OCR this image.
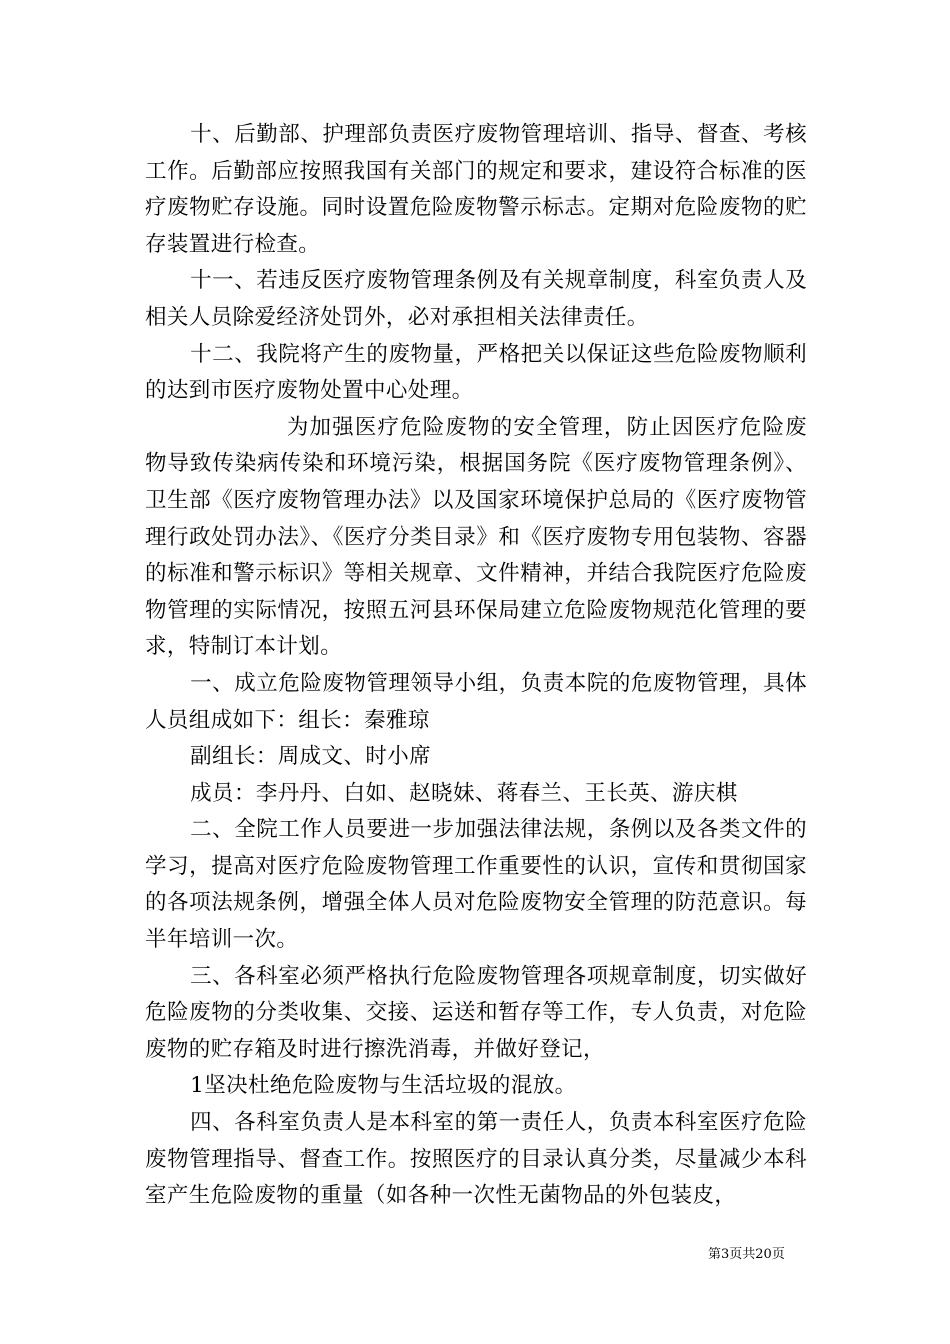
十、后勤部、护理部负责医疗废物管理培训、指导、督查、考核工作。后勤部应按照我国有关部门的规定和要求，建设符合标准的医疗废物贮存设施。同时设置危险废物警示标志。定期对危险废物的贮存装置进行检查。

十一、若违反医疗废物管理条例及有关规章制度，科室负责人及相关人员除爱经济处罚外，必对承担相关法律责任。

十二、我院将产生的废物量，严格把关以保证这些危险废物顺利的达到市医疗废物处置中心处理。

为加强医疗危险废物的安全管理，防止因医疗危险废物导致传染病传染和环境污染，根据国务院《医疗废物管理条例》、卫生部《医疗废物管理办法》以及国家环境保护总局的《医疗废物管理行政处罚办法》、《医疗分类目录》和《医疗废物专用包装物、容器的标准和警示标识》等相关规章、文件精神，并结合我院医疗危险废物管理的实际情况，按照五河县环保局建立危险废物规范化管理的要求，特制订本计划。

一、成立危险废物管理领导小组，负责本院的危废物管理，具体人员组成如下：组长：秦雅琼

副组长：周成文、时小席

成员：李丹丹、白如、赵晓妹、蒋春兰、王长英、游庆棋

二、全院工作人员要进一步加强法律法规，条例以及各类文件的学习，提高对医疗危险废物管理工作重要性的认识，宣传和贯彻国家的各项法规条例，增强全体人员对危险废物安全管理的防范意识。每半年培训一次。

三、各科室必须严格执行危险废物管理各项规章制度，切实做好危险废物的分类收集、交接、运送和暂存等工作，专人负责，对危险废物的贮存箱及时进行擦洗消毒，并做好登记，

1坚决杜绝危险废物与生活垃圾的混放。

四、各科室负责人是本科室的第一责任人，负责本科室医疗危险废物管理指导、督查工作。按照医疗的目录认真分类，尽量减少本科室产生危险废物的重量（如各种一次性无菌物品的外包装皮，

第3页共20页
